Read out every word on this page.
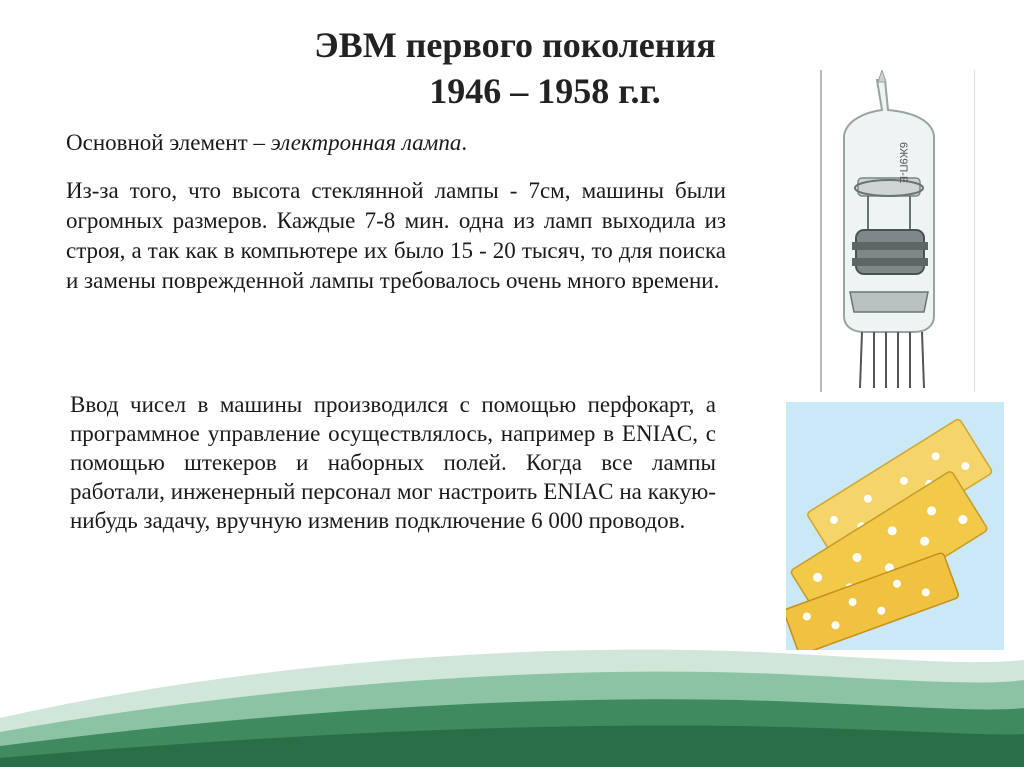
ЭВМ первого поколения
1946 – 1958 г.г.
Основной элемент – электронная лампа.

Из-за того, что высота стеклянной лампы - 7см, машины были огромных размеров. Каждые 7-8 мин. одна из ламп выходила из строя, а так как в компьютере их было 15 - 20 тысяч, то для поиска и замены поврежденной лампы требовалось очень много времени.

Ввод чисел в машины производился с помощью перфокарт, а программное управление осуществлялось, например в ENIAC, с помощью штекеров и наборных полей. Когда все лампы работали, инженерный персонал мог настроить ENIAC на какую-нибудь задачу, вручную изменив подключение 6 000 проводов.

6Ж9П-Е
